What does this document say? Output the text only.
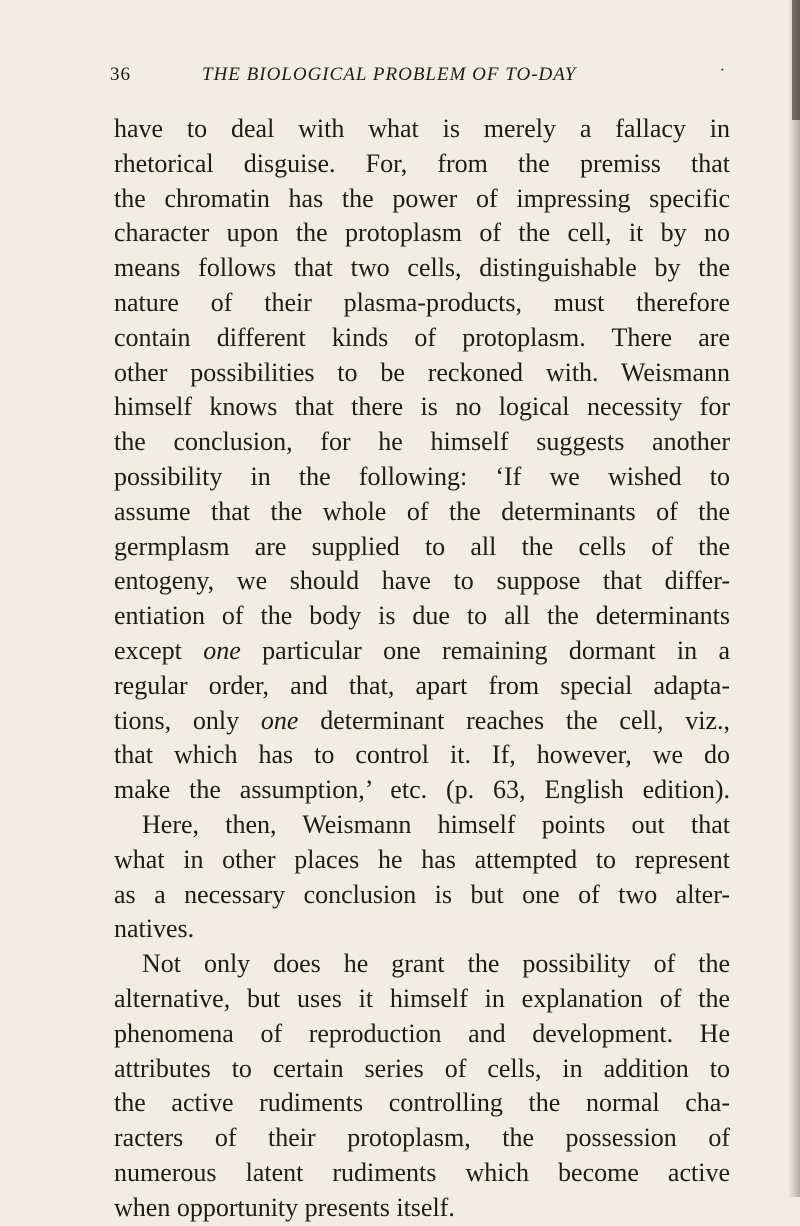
36	THE BIOLOGICAL PROBLEM OF TO-DAY	·
have to deal with what is merely a fallacy in
rhetorical disguise. For, from the premiss that
the chromatin has the power of impressing specific
character upon the protoplasm of the cell, it by no
means follows that two cells, distinguishable by the
nature of their plasma-products, must therefore
contain different kinds of protoplasm. There are
other possibilities to be reckoned with. Weismann
himself knows that there is no logical necessity for
the conclusion, for he himself suggests another
possibility in the following: ‘If we wished to
assume that the whole of the determinants of the
germplasm are supplied to all the cells of the
entogeny, we should have to suppose that differ-
entiation of the body is due to all the determinants
except one particular one remaining dormant in a
regular order, and that, apart from special adapta-
tions, only one determinant reaches the cell, viz.,
that which has to control it. If, however, we do
make the assumption,’ etc. (p. 63, English edition).
Here, then, Weismann himself points out that
what in other places he has attempted to represent
as a necessary conclusion is but one of two alter-
natives.
Not only does he grant the possibility of the
alternative, but uses it himself in explanation of the
phenomena of reproduction and development. He
attributes to certain series of cells, in addition to
the active rudiments controlling the normal cha-
racters of their protoplasm, the possession of
numerous latent rudiments which become active
when opportunity presents itself.
